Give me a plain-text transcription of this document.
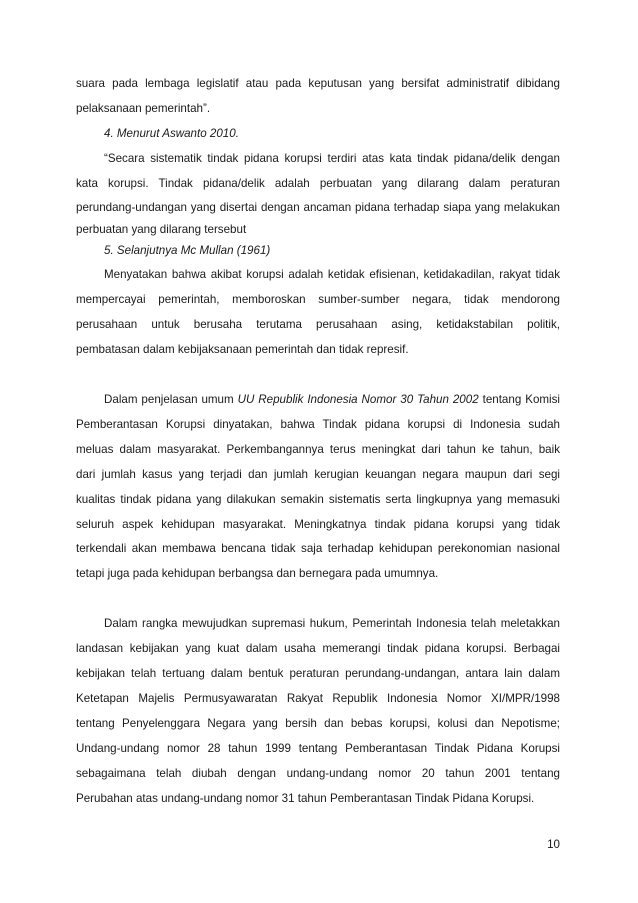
suara pada lembaga legislatif atau pada keputusan yang bersifat administratif dibidang
pelaksanaan pemerintah”.
4. Menurut Aswanto 2010.
“Secara sistematik tindak pidana korupsi terdiri atas kata tindak pidana/delik dengan
kata korupsi. Tindak pidana/delik adalah perbuatan yang dilarang dalam peraturan
perundang-undangan yang disertai dengan ancaman pidana terhadap siapa yang melakukan
perbuatan yang dilarang tersebut
5. Selanjutnya Mc Mullan (1961)
Menyatakan bahwa akibat korupsi adalah ketidak efisienan, ketidakadilan, rakyat tidak
mempercayai pemerintah, memboroskan sumber-sumber negara, tidak mendorong
perusahaan untuk berusaha terutama perusahaan asing, ketidakstabilan politik,
pembatasan dalam kebijaksanaan pemerintah dan tidak represif.
Dalam penjelasan umum UU Republik Indonesia Nomor 30 Tahun 2002 tentang Komisi
Pemberantasan Korupsi dinyatakan, bahwa Tindak pidana korupsi di Indonesia sudah
meluas dalam masyarakat. Perkembangannya terus meningkat dari tahun ke tahun, baik
dari jumlah kasus yang terjadi dan jumlah kerugian keuangan negara maupun dari segi
kualitas tindak pidana yang dilakukan semakin sistematis serta lingkupnya yang memasuki
seluruh aspek kehidupan masyarakat. Meningkatnya tindak pidana korupsi yang tidak
terkendali akan membawa bencana tidak saja terhadap kehidupan perekonomian nasional
tetapi juga pada kehidupan berbangsa dan bernegara pada umumnya.
Dalam rangka mewujudkan supremasi hukum, Pemerintah Indonesia telah meletakkan
landasan kebijakan yang kuat dalam usaha memerangi tindak pidana korupsi. Berbagai
kebijakan telah tertuang dalam bentuk peraturan perundang-undangan, antara lain dalam
Ketetapan Majelis Permusyawaratan Rakyat Republik Indonesia Nomor XI/MPR/1998
tentang Penyelenggara Negara yang bersih dan bebas korupsi, kolusi dan Nepotisme;
Undang-undang nomor 28 tahun 1999 tentang Pemberantasan Tindak Pidana Korupsi
sebagaimana telah diubah dengan undang-undang nomor 20 tahun 2001 tentang
Perubahan atas undang-undang nomor 31 tahun Pemberantasan Tindak Pidana Korupsi.
10
